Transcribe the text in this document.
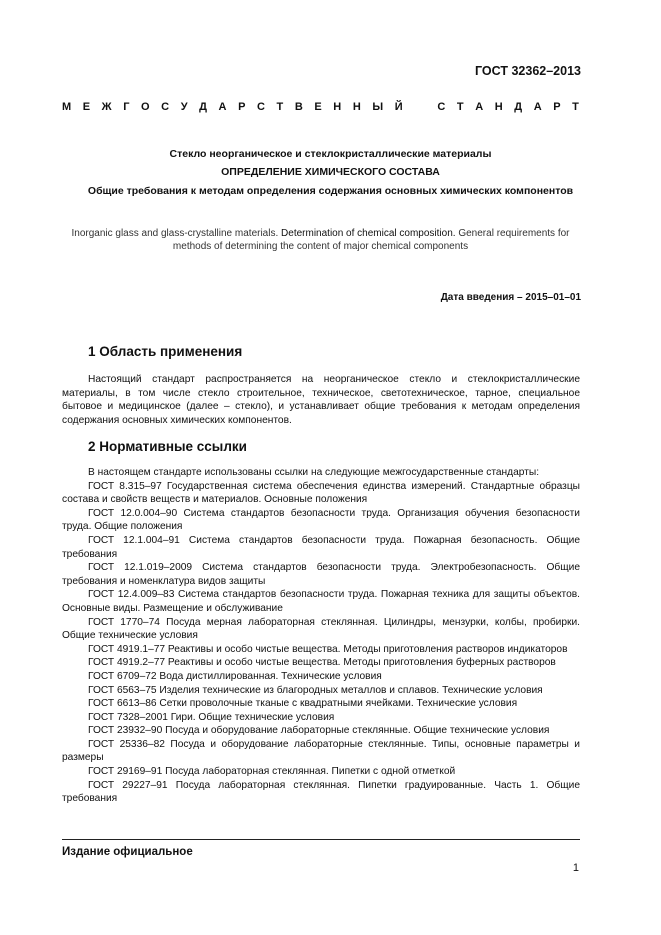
ГОСТ 32362–2013
М Е Ж Г О С У Д А Р С Т В Е Н Н Ы Й	С Т А Н Д А Р Т
Стекло неорганическое и стеклокристаллические материалы
ОПРЕДЕЛЕНИЕ ХИМИЧЕСКОГО СОСТАВА
Общие требования к методам определения содержания основных химических компонентов
Inorganic glass and glass-crystalline materials. Determination of chemical composition. General requirements for methods of determining the content of major chemical components
Дата введения – 2015–01–01
1 Область применения

Настоящий стандарт распространяется на неорганическое стекло и стеклокристаллические материалы, в том числе стекло строительное, техническое, светотехническое, тарное, специальное бытовое и медицинское (далее – стекло), и устанавливает общие требования к методам определения содержания основных химических компонентов.

2 Нормативные ссылки

В настоящем стандарте использованы ссылки на следующие межгосударственные стандарты:

ГОСТ 8.315–97 Государственная система обеспечения единства измерений. Стандартные образцы состава и свойств веществ и материалов. Основные положения

ГОСТ 12.0.004–90 Система стандартов безопасности труда. Организация обучения безопасности труда. Общие положения

ГОСТ 12.1.004–91 Система стандартов безопасности труда. Пожарная безопасность. Общие требования

ГОСТ 12.1.019–2009 Система стандартов безопасности труда. Электробезопасность. Общие требования и номенклатура видов защиты

ГОСТ 12.4.009–83 Система стандартов безопасности труда. Пожарная техника для защиты объектов. Основные виды. Размещение и обслуживание

ГОСТ 1770–74 Посуда мерная лабораторная стеклянная. Цилиндры, мензурки, колбы, пробирки. Общие технические условия

ГОСТ 4919.1–77 Реактивы и особо чистые вещества. Методы приготовления растворов индикаторов

ГОСТ 4919.2–77 Реактивы и особо чистые вещества. Методы приготовления буферных растворов

ГОСТ 6709–72 Вода дистиллированная. Технические условия

ГОСТ 6563–75 Изделия технические из благородных металлов и сплавов. Технические условия

ГОСТ 6613–86 Сетки проволочные тканые с квадратными ячейками. Технические условия

ГОСТ 7328–2001 Гири. Общие технические условия

ГОСТ 23932–90 Посуда и оборудование лабораторные стеклянные. Общие технические условия

ГОСТ 25336–82 Посуда и оборудование лабораторные стеклянные. Типы, основные параметры и размеры

ГОСТ 29169–91 Посуда лабораторная стеклянная. Пипетки с одной отметкой

ГОСТ 29227–91 Посуда лабораторная стеклянная. Пипетки градуированные. Часть 1. Общие требования

Издание официальное
1
